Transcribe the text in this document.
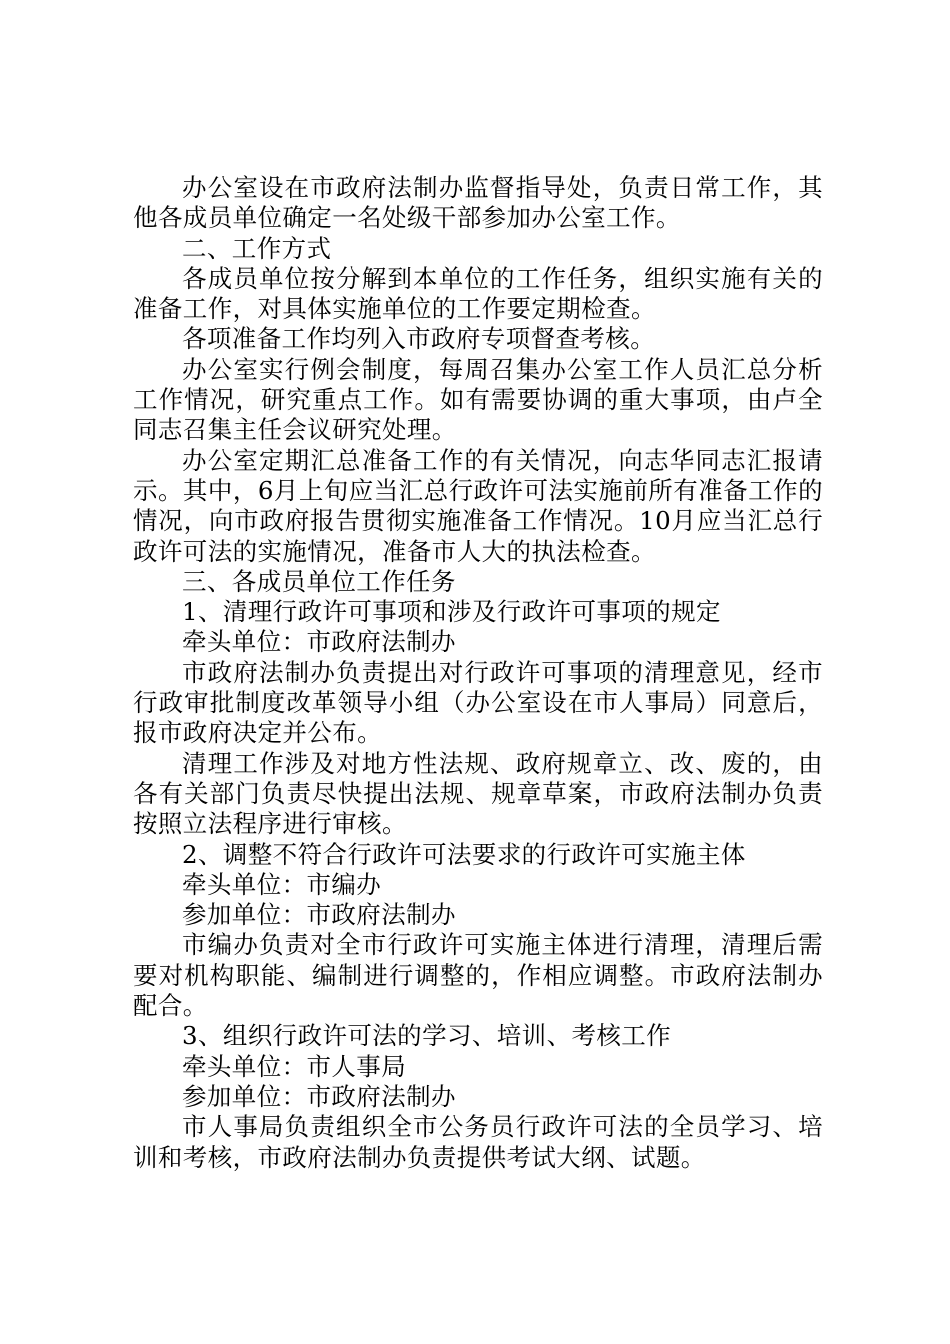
办公室设在市政府法制办监督指导处，负责日常工作，其他各成员单位确定一名处级干部参加办公室工作。

二、工作方式

各成员单位按分解到本单位的工作任务，组织实施有关的准备工作，对具体实施单位的工作要定期检查。

各项准备工作均列入市政府专项督查考核。

办公室实行例会制度，每周召集办公室工作人员汇总分析工作情况，研究重点工作。如有需要协调的重大事项，由卢全同志召集主任会议研究处理。

办公室定期汇总准备工作的有关情况，向志华同志汇报请示。其中，6月上旬应当汇总行政许可法实施前所有准备工作的情况，向市政府报告贯彻实施准备工作情况。10月应当汇总行政许可法的实施情况，准备市人大的执法检查。

三、各成员单位工作任务

1、清理行政许可事项和涉及行政许可事项的规定

牵头单位：市政府法制办

市政府法制办负责提出对行政许可事项的清理意见，经市行政审批制度改革领导小组（办公室设在市人事局）同意后，报市政府决定并公布。

清理工作涉及对地方性法规、政府规章立、改、废的，由各有关部门负责尽快提出法规、规章草案，市政府法制办负责按照立法程序进行审核。

2、调整不符合行政许可法要求的行政许可实施主体

牵头单位：市编办

参加单位：市政府法制办

市编办负责对全市行政许可实施主体进行清理，清理后需要对机构职能、编制进行调整的，作相应调整。市政府法制办配合。

3、组织行政许可法的学习、培训、考核工作

牵头单位：市人事局

参加单位：市政府法制办

市人事局负责组织全市公务员行政许可法的全员学习、培训和考核，市政府法制办负责提供考试大纲、试题。
